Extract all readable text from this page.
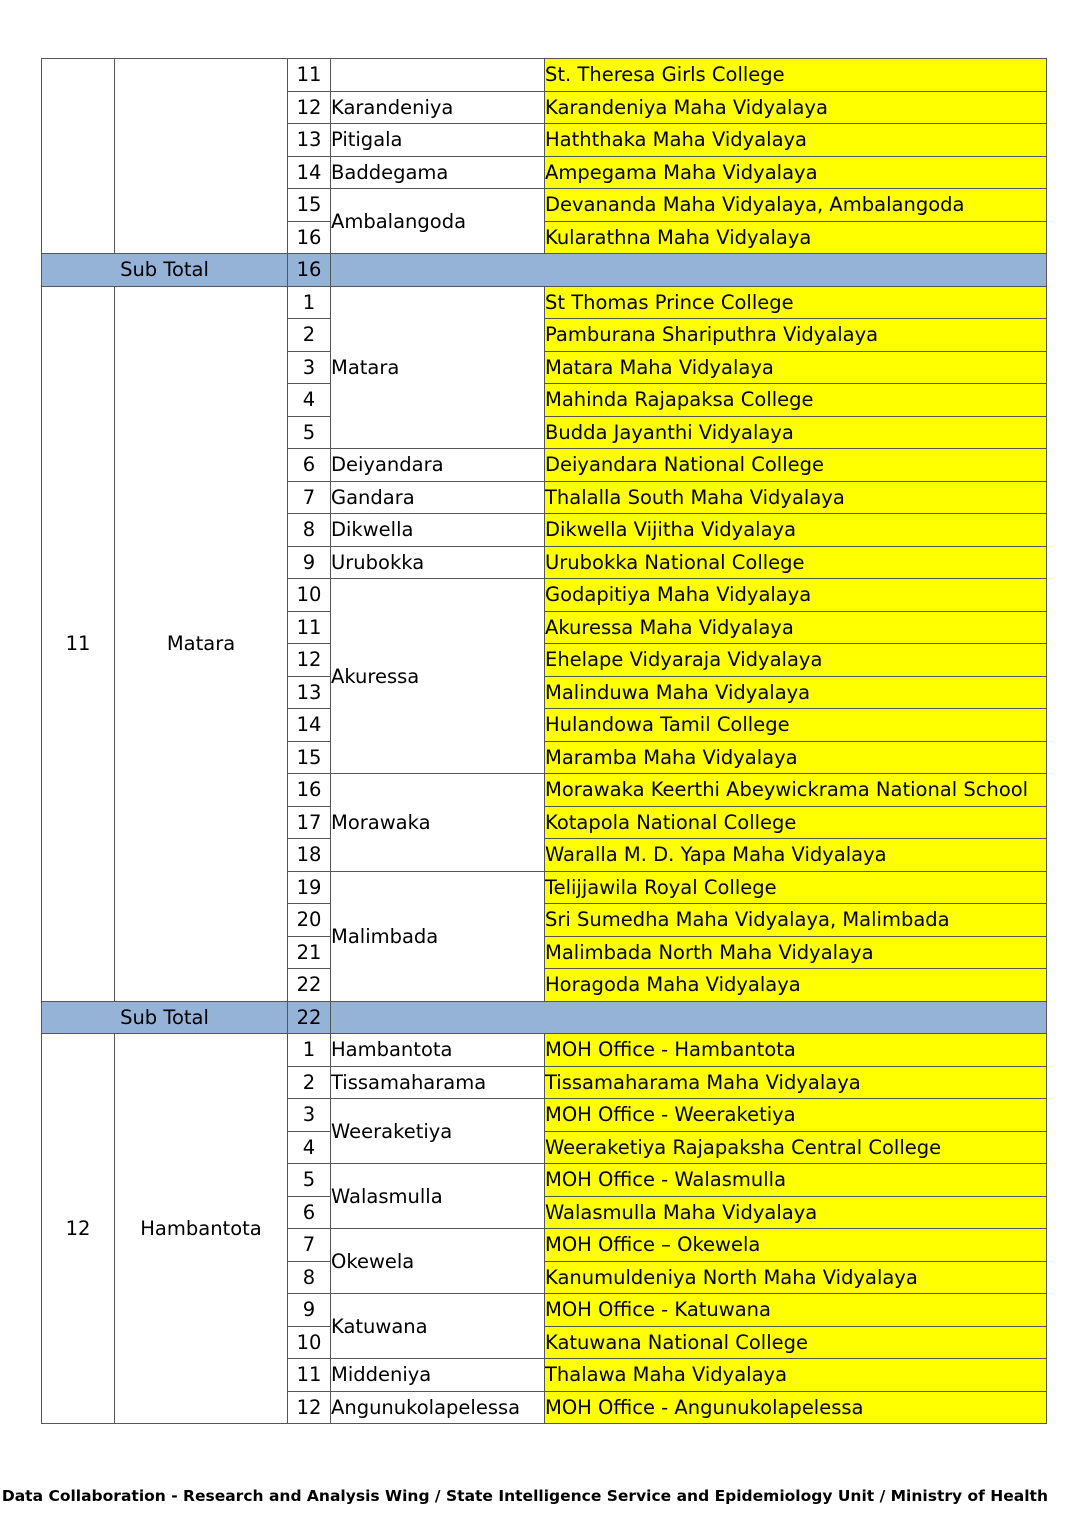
		11		St. Theresa Girls College
		12	Karandeniya	Karandeniya Maha Vidyalaya
		13	Pitigala	Haththaka Maha Vidyalaya
		14	Baddegama	Ampegama Maha Vidyalaya
		15	Ambalangoda	Devananda Maha Vidyalaya, Ambalangoda
		16		Kularathna Maha Vidyalaya
Sub Total		16		
11	Matara	1	Matara	St Thomas Prince College
		2		Pamburana Shariputhra Vidyalaya
		3		Matara Maha Vidyalaya
		4		Mahinda Rajapaksa College
		5		Budda Jayanthi Vidyalaya
		6	Deiyandara	Deiyandara National College
		7	Gandara	Thalalla South Maha Vidyalaya
		8	Dikwella	Dikwella Vijitha Vidyalaya
		9	Urubokka	Urubokka National College
		10	Akuressa	Godapitiya Maha Vidyalaya
		11		Akuressa Maha Vidyalaya
		12		Ehelape Vidyaraja Vidyalaya
		13		Malinduwa Maha Vidyalaya
		14		Hulandowa Tamil College
		15		Maramba Maha Vidyalaya
		16	Morawaka	Morawaka Keerthi Abeywickrama National School
		17		Kotapola National College
		18		Waralla M. D. Yapa Maha Vidyalaya
		19	Malimbada	Telijjawila Royal College
		20		Sri Sumedha Maha Vidyalaya, Malimbada
		21		Malimbada North Maha Vidyalaya
		22		Horagoda Maha Vidyalaya
Sub Total		22		
12	Hambantota	1	Hambantota	MOH Office - Hambantota
		2	Tissamaharama	Tissamaharama Maha Vidyalaya
		3	Weeraketiya	MOH Office - Weeraketiya
		4		Weeraketiya Rajapaksha Central College
		5	Walasmulla	MOH Office - Walasmulla
		6		Walasmulla Maha Vidyalaya
		7	Okewela	MOH Office – Okewela
		8		Kanumuldeniya North Maha Vidyalaya
		9	Katuwana	MOH Office - Katuwana
		10		Katuwana National College
		11	Middeniya	Thalawa Maha Vidyalaya
		12	Angunukolapelessa	MOH Office - Angunukolapelessa
Data Collaboration - Research and Analysis Wing / State Intelligence Service and Epidemiology Unit / Ministry of Health
